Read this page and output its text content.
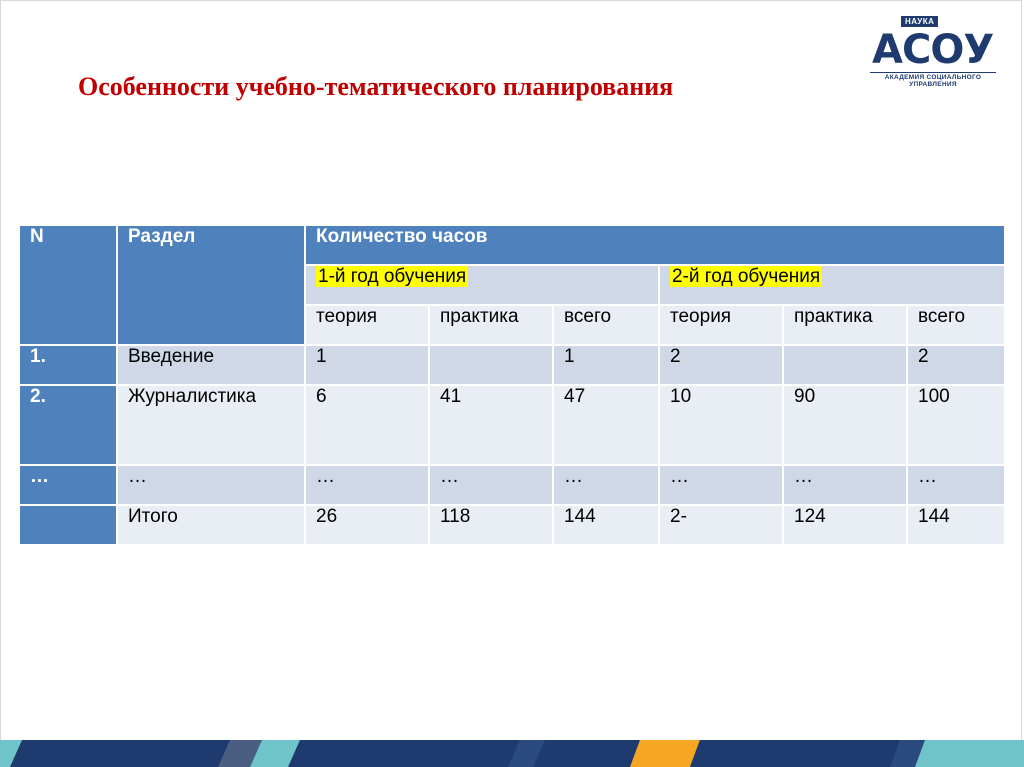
Особенности учебно-тематического планирования
НАУКА
АСОУ
АКАДЕМИЯ СОЦИАЛЬНОГО
УПРАВЛЕНИЯ
N	Раздел	Количество часов					
		1-й год обучения			2-й год обучения		
		теория	практика	всего	теория	практика	всего
1.	Введение	1		1	2		2
2.	Журналистика	6	41	47	10	90	100
…	…	…	…	…	…	…	…
	Итого	26	118	144	2-	124	144
